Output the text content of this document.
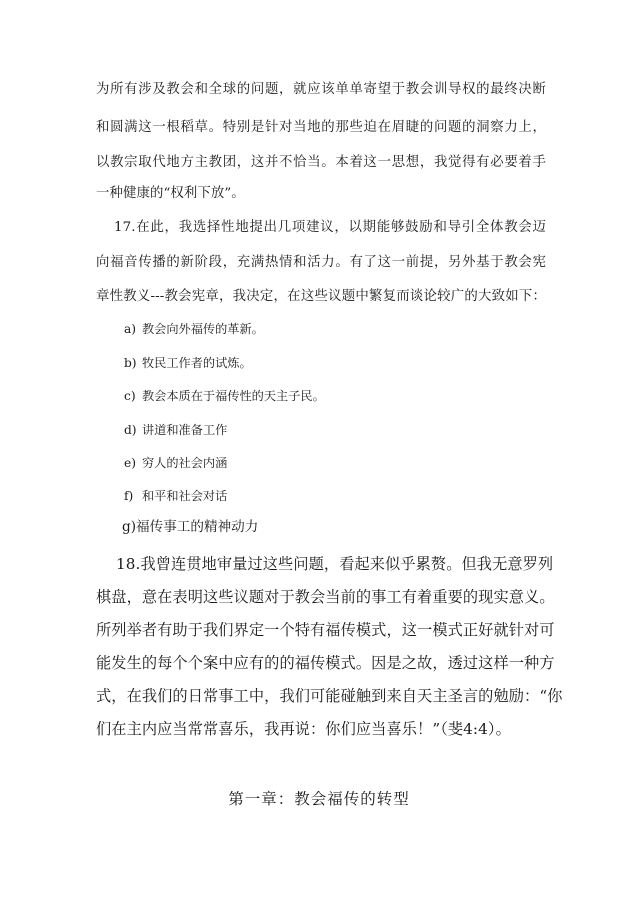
为所有涉及教会和全球的问题，就应该单单寄望于教会训导权的最终决断
和圆满这一根稻草。特别是针对当地的那些迫在眉睫的问题的洞察力上，
以教宗取代地方主教团，这并不恰当。本着这一思想，我觉得有必要着手
一种健康的“权利下放”。
17.在此，我选择性地提出几项建议，以期能够鼓励和导引全体教会迈
向福音传播的新阶段，充满热情和活力。有了这一前提，另外基于教会宪
章性教义---教会宪章，我决定，在这些议题中繁复而谈论较广的大致如下：
a) 教会向外福传的革新。
b) 牧民工作者的试炼。
c) 教会本质在于福传性的天主子民。
d) 讲道和准备工作
e) 穷人的社会内涵
f) 和平和社会对话
g)福传事工的精神动力
18.我曾连贯地审量过这些问题，看起来似乎累赘。但我无意罗列
棋盘，意在表明这些议题对于教会当前的事工有着重要的现实意义。
所列举者有助于我们界定一个特有福传模式，这一模式正好就针对可
能发生的每个个案中应有的的福传模式。因是之故，透过这样一种方
式，在我们的日常事工中，我们可能碰触到来自天主圣言的勉励：“你
们在主内应当常常喜乐，我再说：你们应当喜乐！”（斐4:4）。
第一章：教会福传的转型
